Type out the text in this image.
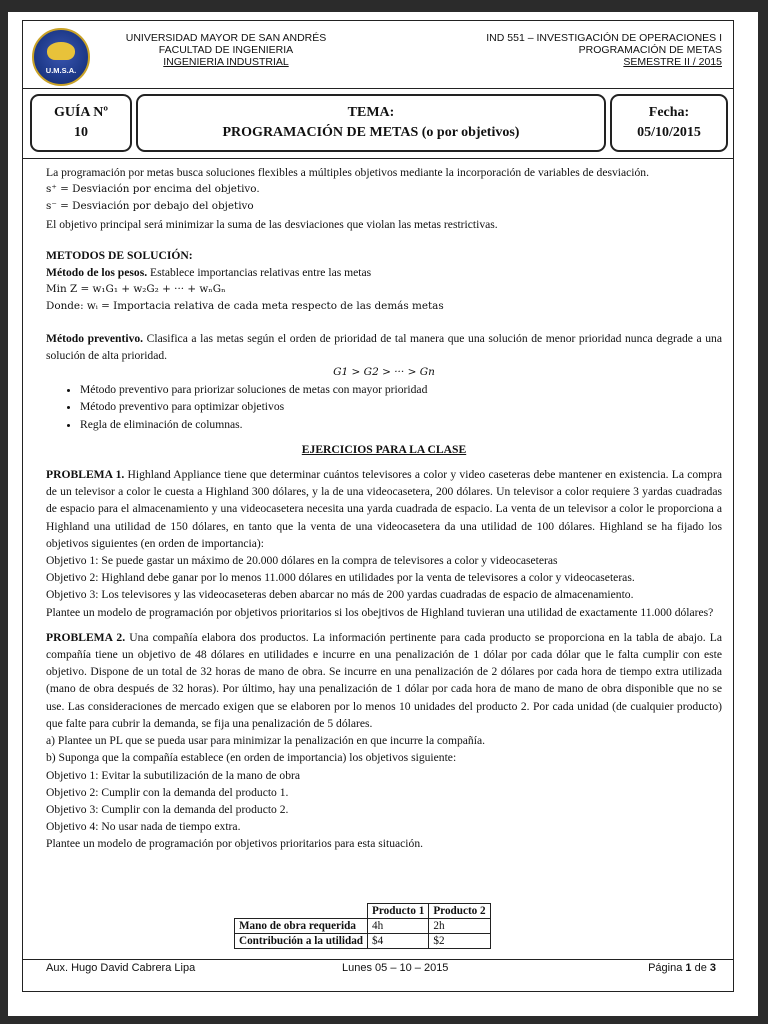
U.M.S.A.
UNIVERSIDAD MAYOR DE SAN ANDRÉS
FACULTAD DE INGENIERIA
INGENIERIA INDUSTRIAL
IND 551 – INVESTIGACIÓN DE OPERACIONES I
PROGRAMACIÓN DE METAS
SEMESTRE II / 2015
GUÍA Nº
10
TEMA:
PROGRAMACIÓN DE METAS (o por objetivos)
Fecha:
05/10/2015

La programación por metas busca soluciones flexibles a múltiples objetivos mediante la incorporación de variables de desviación.

s⁺ = Desviación por encima del objetivo.

s⁻ = Desviación por debajo del objetivo

El objetivo principal será minimizar la suma de las desviaciones que violan las metas restrictivas.

METODOS DE SOLUCIÓN:

Método de los pesos. Establece importancias relativas entre las metas

Min Z = w₁G₁ + w₂G₂ + ··· + wₙGₙ

Donde: wᵢ = Importacia relativa de cada meta respecto de las demás metas

Método preventivo. Clasifica a las metas según el orden de prioridad de tal manera que una solución de menor prioridad nunca degrade a una solución de alta prioridad.

G1 > G2 > ··· > Gn

• Método preventivo para priorizar soluciones de metas con mayor prioridad
• Método preventivo para optimizar objetivos
• Regla de eliminación de columnas.

EJERCICIOS PARA LA CLASE

PROBLEMA 1. Highland Appliance tiene que determinar cuántos televisores a color y video caseteras debe mantener en existencia. La compra de un televisor a color le cuesta a Highland 300 dólares, y la de una videocasetera, 200 dólares. Un televisor a color requiere 3 yardas cuadradas de espacio para el almacenamiento y una videocasetera necesita una yarda cuadrada de espacio. La venta de un televisor a color le proporciona a Highland una utilidad de 150 dólares, en tanto que la venta de una videocasetera da una utilidad de 100 dólares. Highland se ha fijado los objetivos siguientes (en orden de importancia):

Objetivo 1: Se puede gastar un máximo de 20.000 dólares en la compra de televisores a color y videocaseteras

Objetivo 2: Highland debe ganar por lo menos 11.000 dólares en utilidades por la venta de televisores a color y videocaseteras.

Objetivo 3: Los televisores y las videocaseteras deben abarcar no más de 200 yardas cuadradas de espacio de almacenamiento.

Plantee un modelo de programación por objetivos prioritarios si los obejtivos de Highland tuvieran una utilidad de exactamente 11.000 dólares?

PROBLEMA 2. Una compañía elabora dos productos. La información pertinente para cada producto se proporciona en la tabla de abajo. La compañía tiene un objetivo de 48 dólares en utilidades e incurre en una penalización de 1 dólar por cada dólar que le falta cumplir con este objetivo. Dispone de un total de 32 horas de mano de obra. Se incurre en una penalización de 2 dólares por cada hora de tiempo extra utilizada (mano de obra después de 32 horas). Por último, hay una penalización de 1 dólar por cada hora de mano de mano de obra disponible que no se use. Las consideraciones de mercado exigen que se elaboren por lo menos 10 unidades del producto 2. Por cada unidad (de cualquier producto) que falte para cubrir la demanda, se fija una penalización de 5 dólares.

a) Plantee un PL que se pueda usar para minimizar la penalización en que incurre la compañía.

b) Suponga que la compañía establece (en orden de importancia) los objetivos siguiente:

Objetivo 1: Evitar la subutilización de la mano de obra

Objetivo 2: Cumplir con la demanda del producto 1.

Objetivo 3: Cumplir con la demanda del producto 2.

Objetivo 4: No usar nada de tiempo extra.

Plantee un modelo de programación por objetivos prioritarios para esta situación.

	Producto 1	Producto 2
Mano de obra requerida	4h	2h
Contribución a la utilidad	$4	$2
Aux. Hugo David Cabrera Lipa	Lunes 05 – 10 – 2015	Página 1 de 3
